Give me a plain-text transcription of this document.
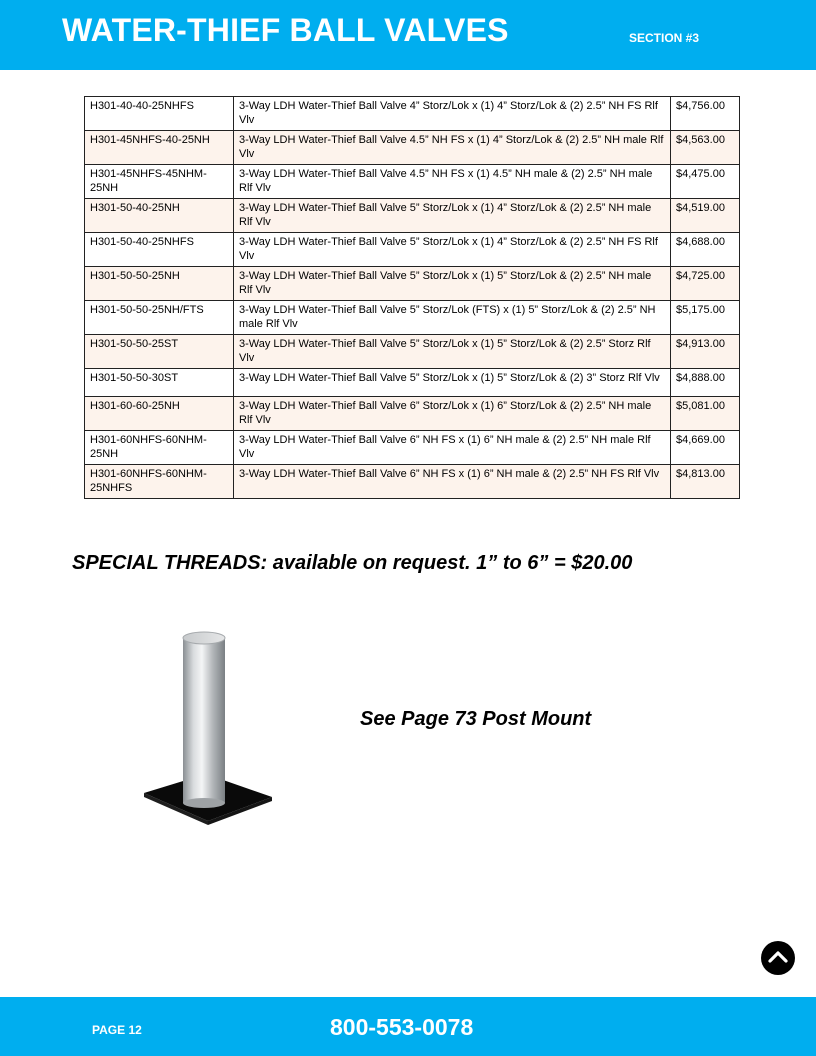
WATER-THIEF BALL VALVES	SECTION #3
H301-40-40-25NHFS	3-Way LDH Water-Thief Ball Valve 4” Storz/Lok x (1) 4” Storz/Lok & (2) 2.5” NH FS Rlf Vlv	$4,756.00
H301-45NHFS-40-25NH	3-Way LDH Water-Thief Ball Valve 4.5” NH FS x (1) 4” Storz/Lok & (2) 2.5” NH male Rlf Vlv	$4,563.00
H301-45NHFS-45NHM-25NH	3-Way LDH Water-Thief Ball Valve 4.5” NH FS x (1) 4.5” NH male & (2) 2.5” NH male Rlf Vlv	$4,475.00
H301-50-40-25NH	3-Way LDH Water-Thief Ball Valve 5” Storz/Lok x (1) 4” Storz/Lok & (2) 2.5” NH male Rlf Vlv	$4,519.00
H301-50-40-25NHFS	3-Way LDH Water-Thief Ball Valve 5” Storz/Lok x (1) 4” Storz/Lok & (2) 2.5” NH FS Rlf Vlv	$4,688.00
H301-50-50-25NH	3-Way LDH Water-Thief Ball Valve 5” Storz/Lok x (1) 5” Storz/Lok & (2) 2.5” NH male Rlf Vlv	$4,725.00
H301-50-50-25NH/FTS	3-Way LDH Water-Thief Ball Valve 5” Storz/Lok (FTS) x (1) 5” Storz/Lok & (2) 2.5” NH male Rlf Vlv	$5,175.00
H301-50-50-25ST	3-Way LDH Water-Thief Ball Valve 5” Storz/Lok x (1) 5” Storz/Lok & (2) 2.5” Storz Rlf Vlv	$4,913.00
H301-50-50-30ST	3-Way LDH Water-Thief Ball Valve 5” Storz/Lok x (1) 5” Storz/Lok & (2) 3” Storz Rlf Vlv	$4,888.00
H301-60-60-25NH	3-Way LDH Water-Thief Ball Valve 6” Storz/Lok x (1) 6” Storz/Lok & (2) 2.5” NH male Rlf Vlv	$5,081.00
H301-60NHFS-60NHM-25NH	3-Way LDH Water-Thief Ball Valve 6” NH FS x (1) 6” NH male & (2) 2.5” NH male Rlf Vlv	$4,669.00
H301-60NHFS-60NHM-25NHFS	3-Way LDH Water-Thief Ball Valve 6” NH FS x (1) 6” NH male & (2) 2.5” NH FS Rlf Vlv	$4,813.00
SPECIAL THREADS: available on request. 1” to 6” = $20.00
See Page 73 Post Mount
PAGE 12	800-553-0078
